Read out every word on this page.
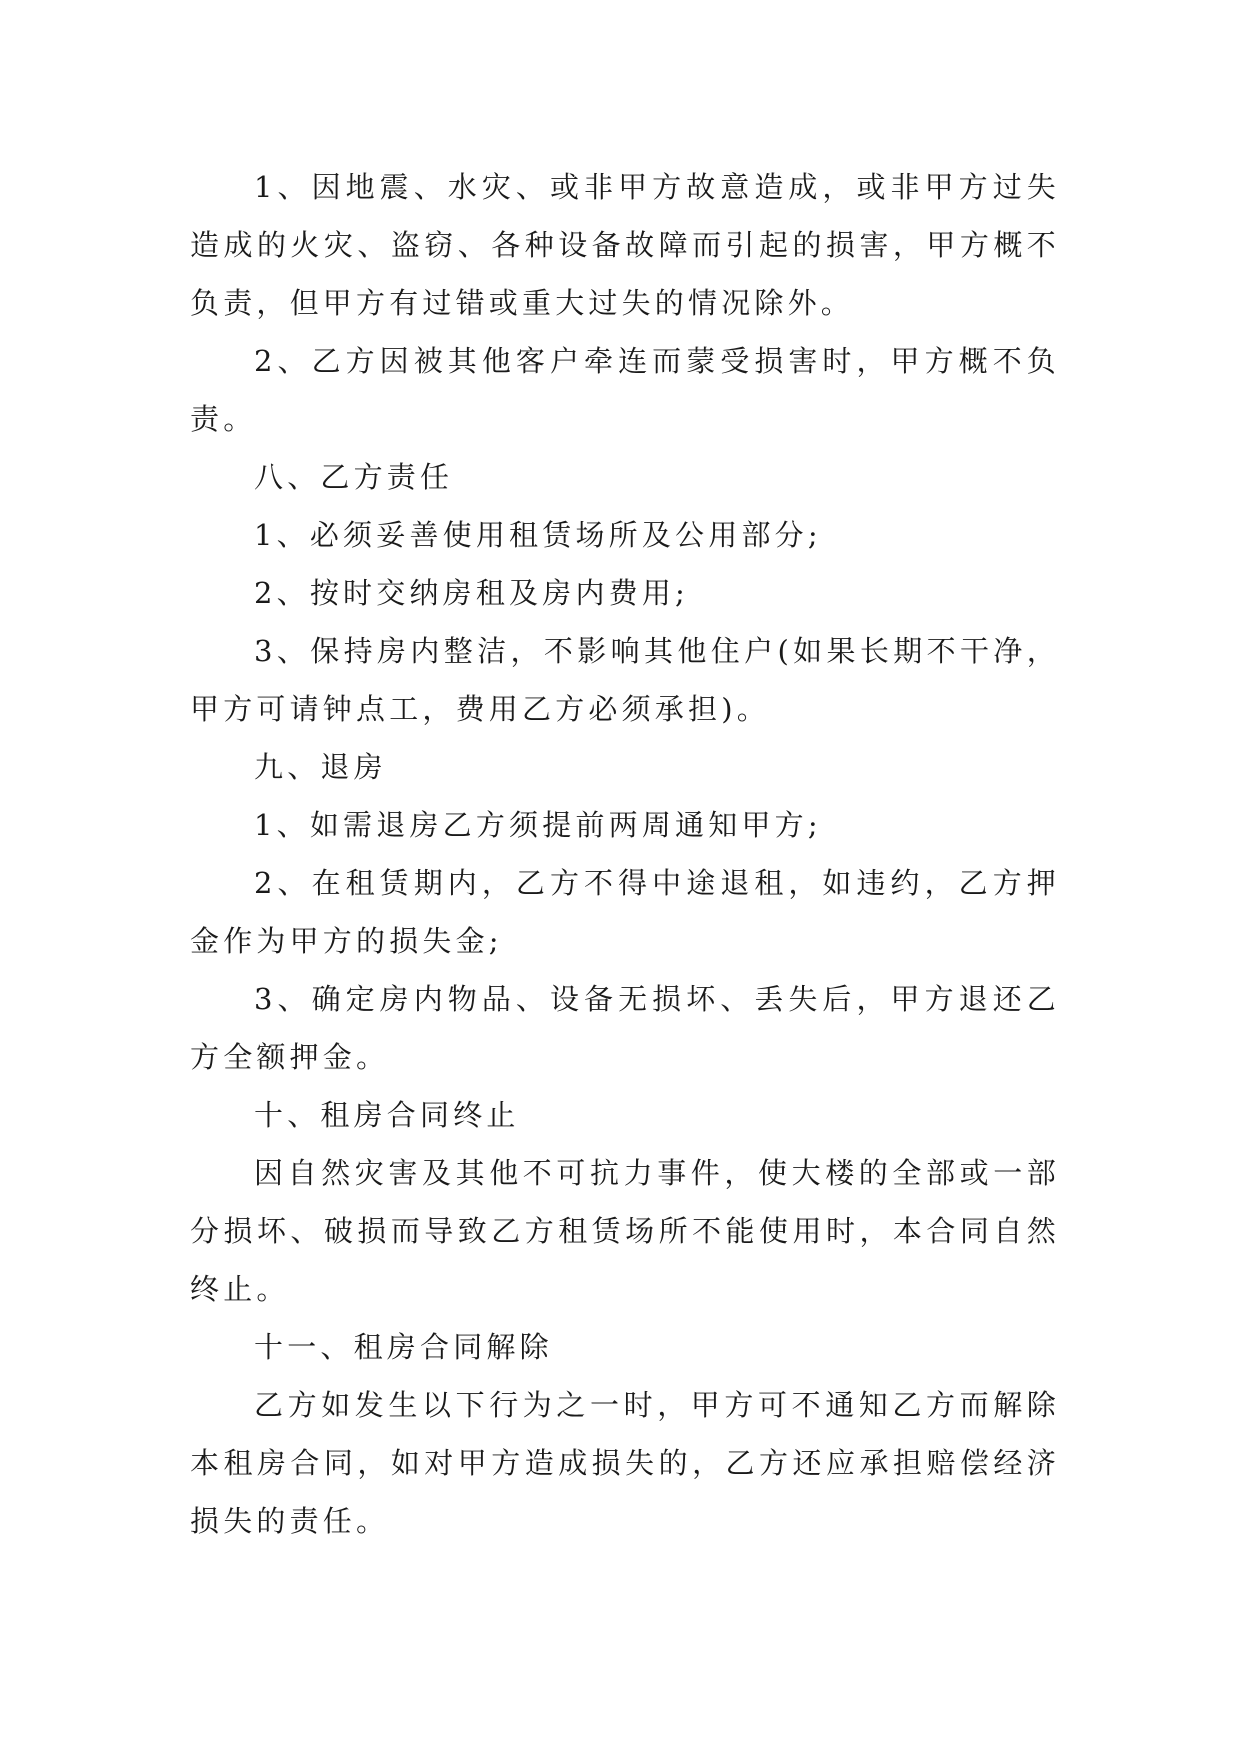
1、因地震、水灾、或非甲方故意造成，或非甲方过失造成的火灾、盗窃、各种设备故障而引起的损害，甲方概不负责，但甲方有过错或重大过失的情况除外。

2、乙方因被其他客户牵连而蒙受损害时，甲方概不负责。

八、乙方责任

1、必须妥善使用租赁场所及公用部分;

2、按时交纳房租及房内费用;

3、保持房内整洁，不影响其他住户(如果长期不干净，甲方可请钟点工，费用乙方必须承担)。

九、退房

1、如需退房乙方须提前两周通知甲方;

2、在租赁期内，乙方不得中途退租，如违约，乙方押金作为甲方的损失金;

3、确定房内物品、设备无损坏、丢失后，甲方退还乙方全额押金。

十、租房合同终止

因自然灾害及其他不可抗力事件，使大楼的全部或一部分损坏、破损而导致乙方租赁场所不能使用时，本合同自然终止。

十一、租房合同解除

乙方如发生以下行为之一时，甲方可不通知乙方而解除本租房合同，如对甲方造成损失的，乙方还应承担赔偿经济损失的责任。
